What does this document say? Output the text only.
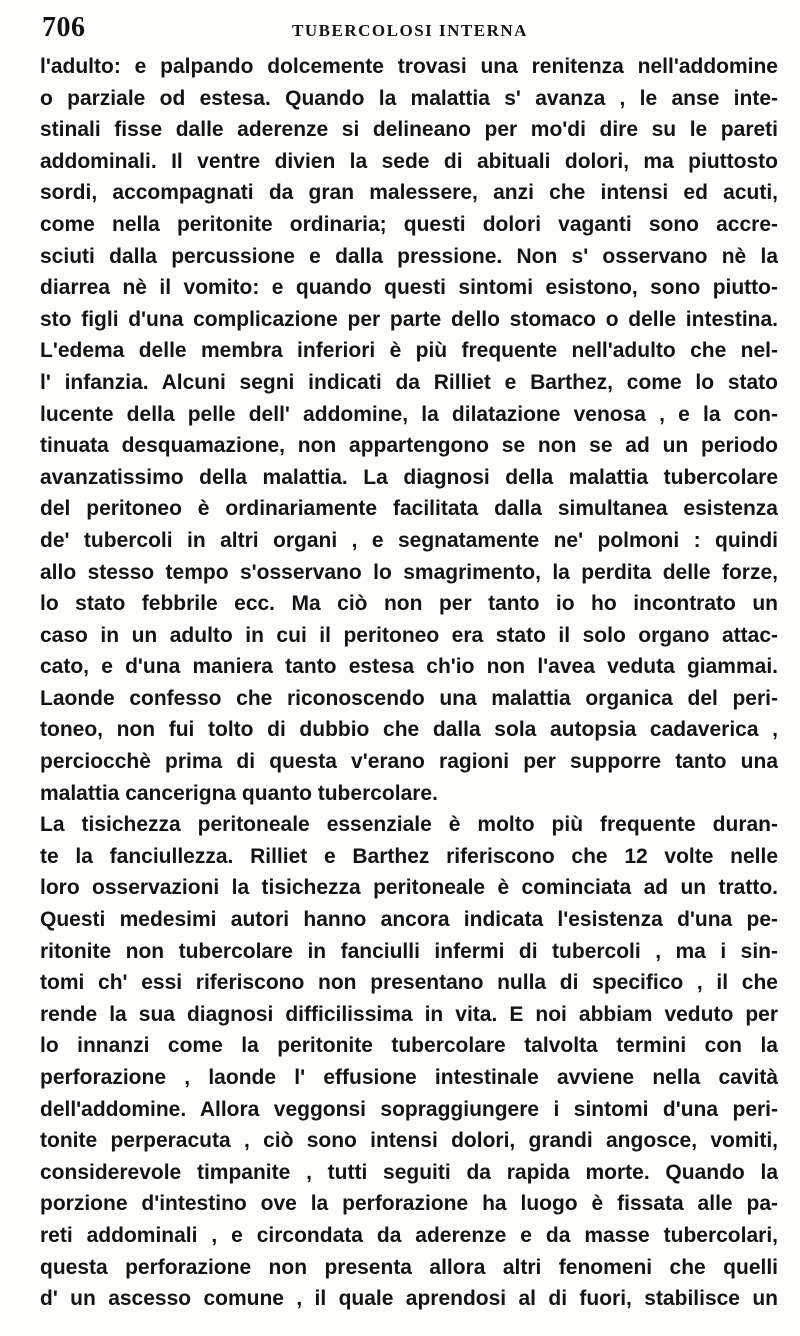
706	TUBERCOLOSI INTERNA
l'adulto: e palpando dolcemente trovasi una renitenza nell'addomine
o parziale od estesa. Quando la malattia s' avanza , le anse inte-
stinali fisse dalle aderenze si delineano per mo'di dire su le pareti
addominali. Il ventre divien la sede di abituali dolori, ma piuttosto
sordi, accompagnati da gran malessere, anzi che intensi ed acuti,
come nella peritonite ordinaria; questi dolori vaganti sono accre-
sciuti dalla percussione e dalla pressione. Non s' osservano nè la
diarrea nè il vomito: e quando questi sintomi esistono, sono piutto-
sto figli d'una complicazione per parte dello stomaco o delle intestina.
L'edema delle membra inferiori è più frequente nell'adulto che nel-
l' infanzia. Alcuni segni indicati da Rilliet e Barthez, come lo stato
lucente della pelle dell' addomine, la dilatazione venosa , e la con-
tinuata desquamazione, non appartengono se non se ad un periodo
avanzatissimo della malattia. La diagnosi della malattia tubercolare
del peritoneo è ordinariamente facilitata dalla simultanea esistenza
de' tubercoli in altri organi , e segnatamente ne' polmoni : quindi
allo stesso tempo s'osservano lo smagrimento, la perdita delle forze,
lo stato febbrile ecc. Ma ciò non per tanto io ho incontrato un
caso in un adulto in cui il peritoneo era stato il solo organo attac-
cato, e d'una maniera tanto estesa ch'io non l'avea veduta giammai.
Laonde confesso che riconoscendo una malattia organica del peri-
toneo, non fui tolto di dubbio che dalla sola autopsia cadaverica ,
perciocchè prima di questa v'erano ragioni per supporre tanto una
malattia cancerigna quanto tubercolare.
La tisichezza peritoneale essenziale è molto più frequente duran-
te la fanciullezza. Rilliet e Barthez riferiscono che 12 volte nelle
loro osservazioni la tisichezza peritoneale è cominciata ad un tratto.
Questi medesimi autori hanno ancora indicata l'esistenza d'una pe-
ritonite non tubercolare in fanciulli infermi di tubercoli , ma i sin-
tomi ch' essi riferiscono non presentano nulla di specifico , il che
rende la sua diagnosi difficilissima in vita. E noi abbiam veduto per
lo innanzi come la peritonite tubercolare talvolta termini con la
perforazione , laonde l' effusione intestinale avviene nella cavità
dell'addomine. Allora veggonsi sopraggiungere i sintomi d'una peri-
tonite perperacuta , ciò sono intensi dolori, grandi angosce, vomiti,
considerevole timpanite , tutti seguiti da rapida morte. Quando la
porzione d'intestino ove la perforazione ha luogo è fissata alle pa-
reti addominali , e circondata da aderenze e da masse tubercolari,
questa perforazione non presenta allora altri fenomeni che quelli
d' un ascesso comune , il quale aprendosi al di fuori, stabilisce un
